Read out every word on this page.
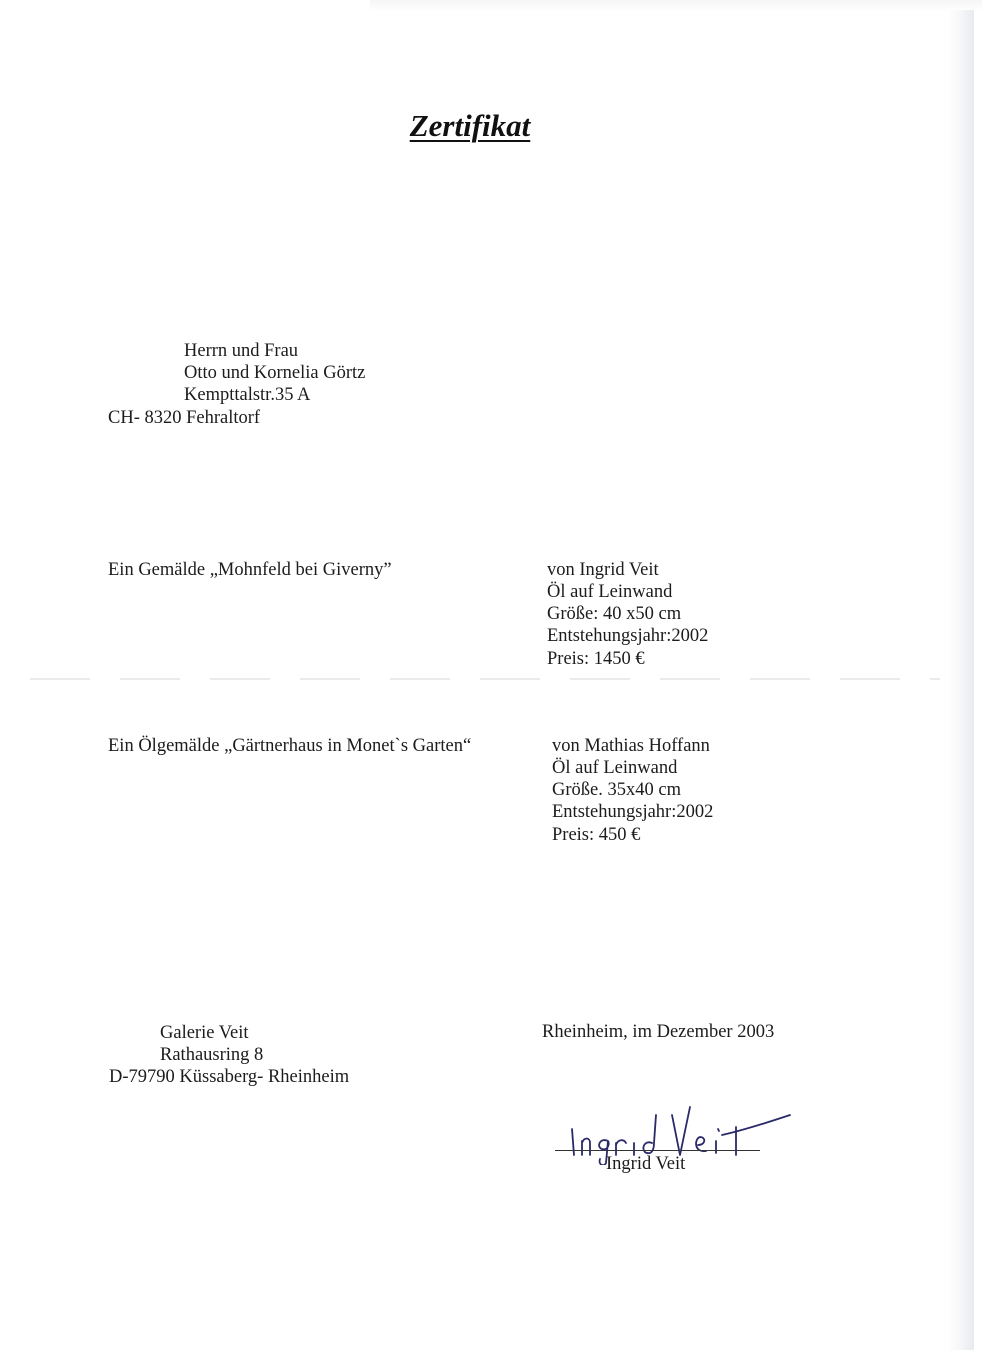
Zertifikat
Herrn und Frau
Otto und Kornelia Görtz
Kempttalstr.35 A
CH- 8320 Fehraltorf
Ein Gemälde „Mohnfeld bei Giverny”	von Ingrid Veit
Öl auf Leinwand
Größe: 40 x50 cm
Entstehungsjahr:2002
Preis: 1450 €
Ein Ölgemälde „Gärtnerhaus in Monet`s Garten“	von Mathias Hoffann
Öl auf Leinwand
Größe. 35x40 cm
Entstehungsjahr:2002
Preis: 450 €
Galerie Veit
Rathausring 8
D-79790 Küssaberg- Rheinheim
Rheinheim, im Dezember 2003
Ingrid Veit
